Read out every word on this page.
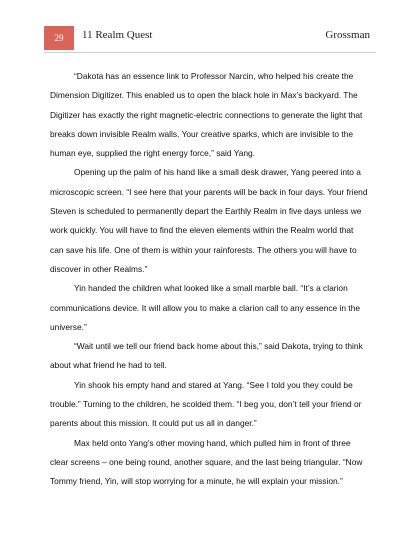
29	11 Realm Quest	Grossman

“Dakota has an essence link to Professor Narcin, who helped his create the Dimension Digitizer. This enabled us to open the black hole in Max’s backyard. The Digitizer has exactly the right magnetic-electric connections to generate the light that breaks down invisible Realm walls. Your creative sparks, which are invisible to the human eye, supplied the right energy force,” said Yang.

Opening up the palm of his hand like a small desk drawer, Yang peered into a microscopic screen. “I see here that your parents will be back in four days. Your friend Steven is scheduled to permanently depart the Earthly Realm in five days unless we work quickly. You will have to find the eleven elements within the Realm world that can save his life. One of them is within your rainforests. The others you will have to discover in other Realms.”

Yin handed the children what looked like a small marble ball. “It’s a clarion communications device. It will allow you to make a clarion call to any essence in the universe.”

“Wait until we tell our friend back home about this,” said Dakota, trying to think about what friend he had to tell.

Yin shook his empty hand and stared at Yang. “See I told you they could be trouble.” Turning to the children, he scolded them. “I beg you, don’t tell your friend or parents about this mission. It could put us all in danger.”

Max held onto Yang’s other moving hand, which pulled him in front of three clear screens – one being round, another square, and the last being triangular. “Now Tommy friend, Yin, will stop worrying for a minute, he will explain your mission.”
